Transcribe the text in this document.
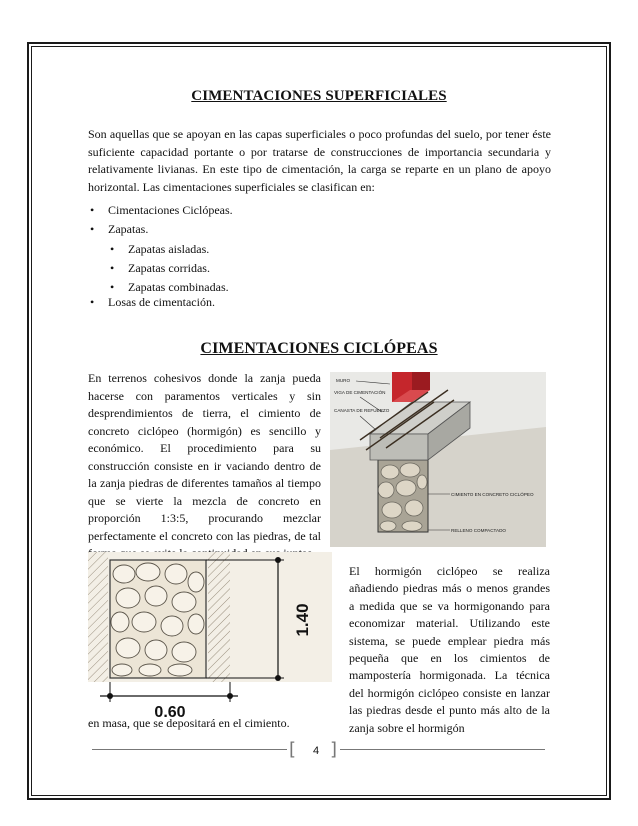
CIMENTACIONES SUPERFICIALES

Son aquellas que se apoyan en las capas superficiales o poco profundas del suelo, por tener éste suficiente capacidad portante o por tratarse de construcciones de importancia secundaria y relativamente livianas. En este tipo de cimentación, la carga se reparte en un plano de apoyo horizontal. Las cimentaciones superficiales se clasifican en:

• Cimentaciones Ciclópeas.
• Zapatas.
• Zapatas aisladas.
• Zapatas corridas.
• Zapatas combinadas.
• Losas de cimentación.
CIMENTACIONES CICLÓPEAS

En terrenos cohesivos donde la zanja pueda hacerse con paramentos verticales y sin desprendimientos de tierra, el cimiento de concreto ciclópeo (hormigón) es sencillo y económico. El procedimiento para su construcción consiste en ir vaciando dentro de la zanja piedras de diferentes tamaños al tiempo que se vierte la mezcla de concreto en proporción 1:3:5, procurando mezclar perfectamente el concreto con las piedras, de tal

MURO
VIGA DE CIMENTACIÓN
CANASTA DE REFUERZO
CIMIENTO EN CONCRETO CICLÓPEO
RELLENO COMPACTADO
1.40
0.60

El hormigón ciclópeo se realiza añadiendo piedras más o menos grandes a medida que se va hormigonando para economizar material. Utilizando este sistema, se puede emplear piedra más pequeña que en los cimientos de mampostería hormigonada. La técnica del hormigón ciclópeo consiste en lanzar las piedras desde el punto más alto de la zanja sobre el hormigón

en masa, que se depositará en el cimiento.

[ ]
4
